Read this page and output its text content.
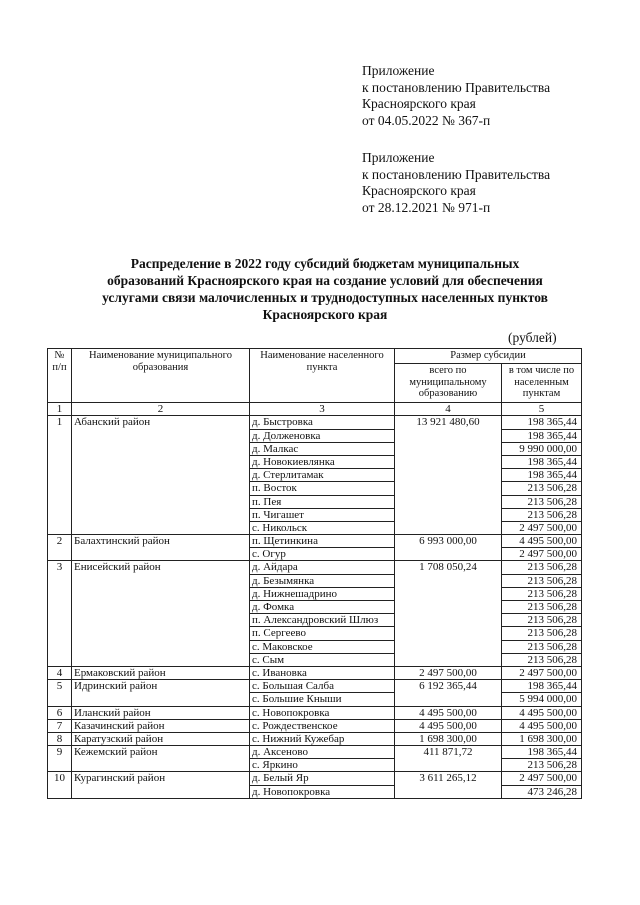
Приложение
к постановлению Правительства
Красноярского края
от 04.05.2022 № 367-п
Приложение
к постановлению Правительства
Красноярского края
от 28.12.2021 № 971-п
Распределение в 2022 году субсидий бюджетам муниципальных
образований Красноярского края на создание условий для обеспечения
услугами связи малочисленных и труднодоступных населенных пунктов
Красноярского края
(рублей)
№ п/п	Наименование муниципального образования	Наименование населенного пункта	Размер субсидии	
			всего по муниципальному образованию	в том числе по населенным пунктам
1	2	3	4	5
1	Абанский район	д. Быстровка	13 921 480,60	198 365,44
		д. Долженовка		198 365,44
		д. Малкас		9 990 000,00
		д. Новокиевлянка		198 365,44
		д. Стерлитамак		198 365,44
		п. Восток		213 506,28
		п. Пея		213 506,28
		п. Чигашет		213 506,28
		с. Никольск		2 497 500,00
2	Балахтинский район	п. Щетинкина	6 993 000,00	4 495 500,00
		с. Огур		2 497 500,00
3	Енисейский район	д. Айдара	1 708 050,24	213 506,28
		д. Безымянка		213 506,28
		д. Нижнешадрино		213 506,28
		д. Фомка		213 506,28
		п. Александровский Шлюз		213 506,28
		п. Сергеево		213 506,28
		с. Маковское		213 506,28
		с. Сым		213 506,28
4	Ермаковский район	с. Ивановка	2 497 500,00	2 497 500,00
5	Идринский район	с. Большая Салба	6 192 365,44	198 365,44
		с. Большие Кныши		5 994 000,00
6	Иланский район	с. Новопокровка	4 495 500,00	4 495 500,00
7	Казачинский район	с. Рождественское	4 495 500,00	4 495 500,00
8	Каратузский район	с. Нижний Кужебар	1 698 300,00	1 698 300,00
9	Кежемский район	д. Аксеново	411 871,72	198 365,44
		с. Яркино		213 506,28
10	Курагинский район	д. Белый Яр	3 611 265,12	2 497 500,00
		д. Новопокровка		473 246,28
